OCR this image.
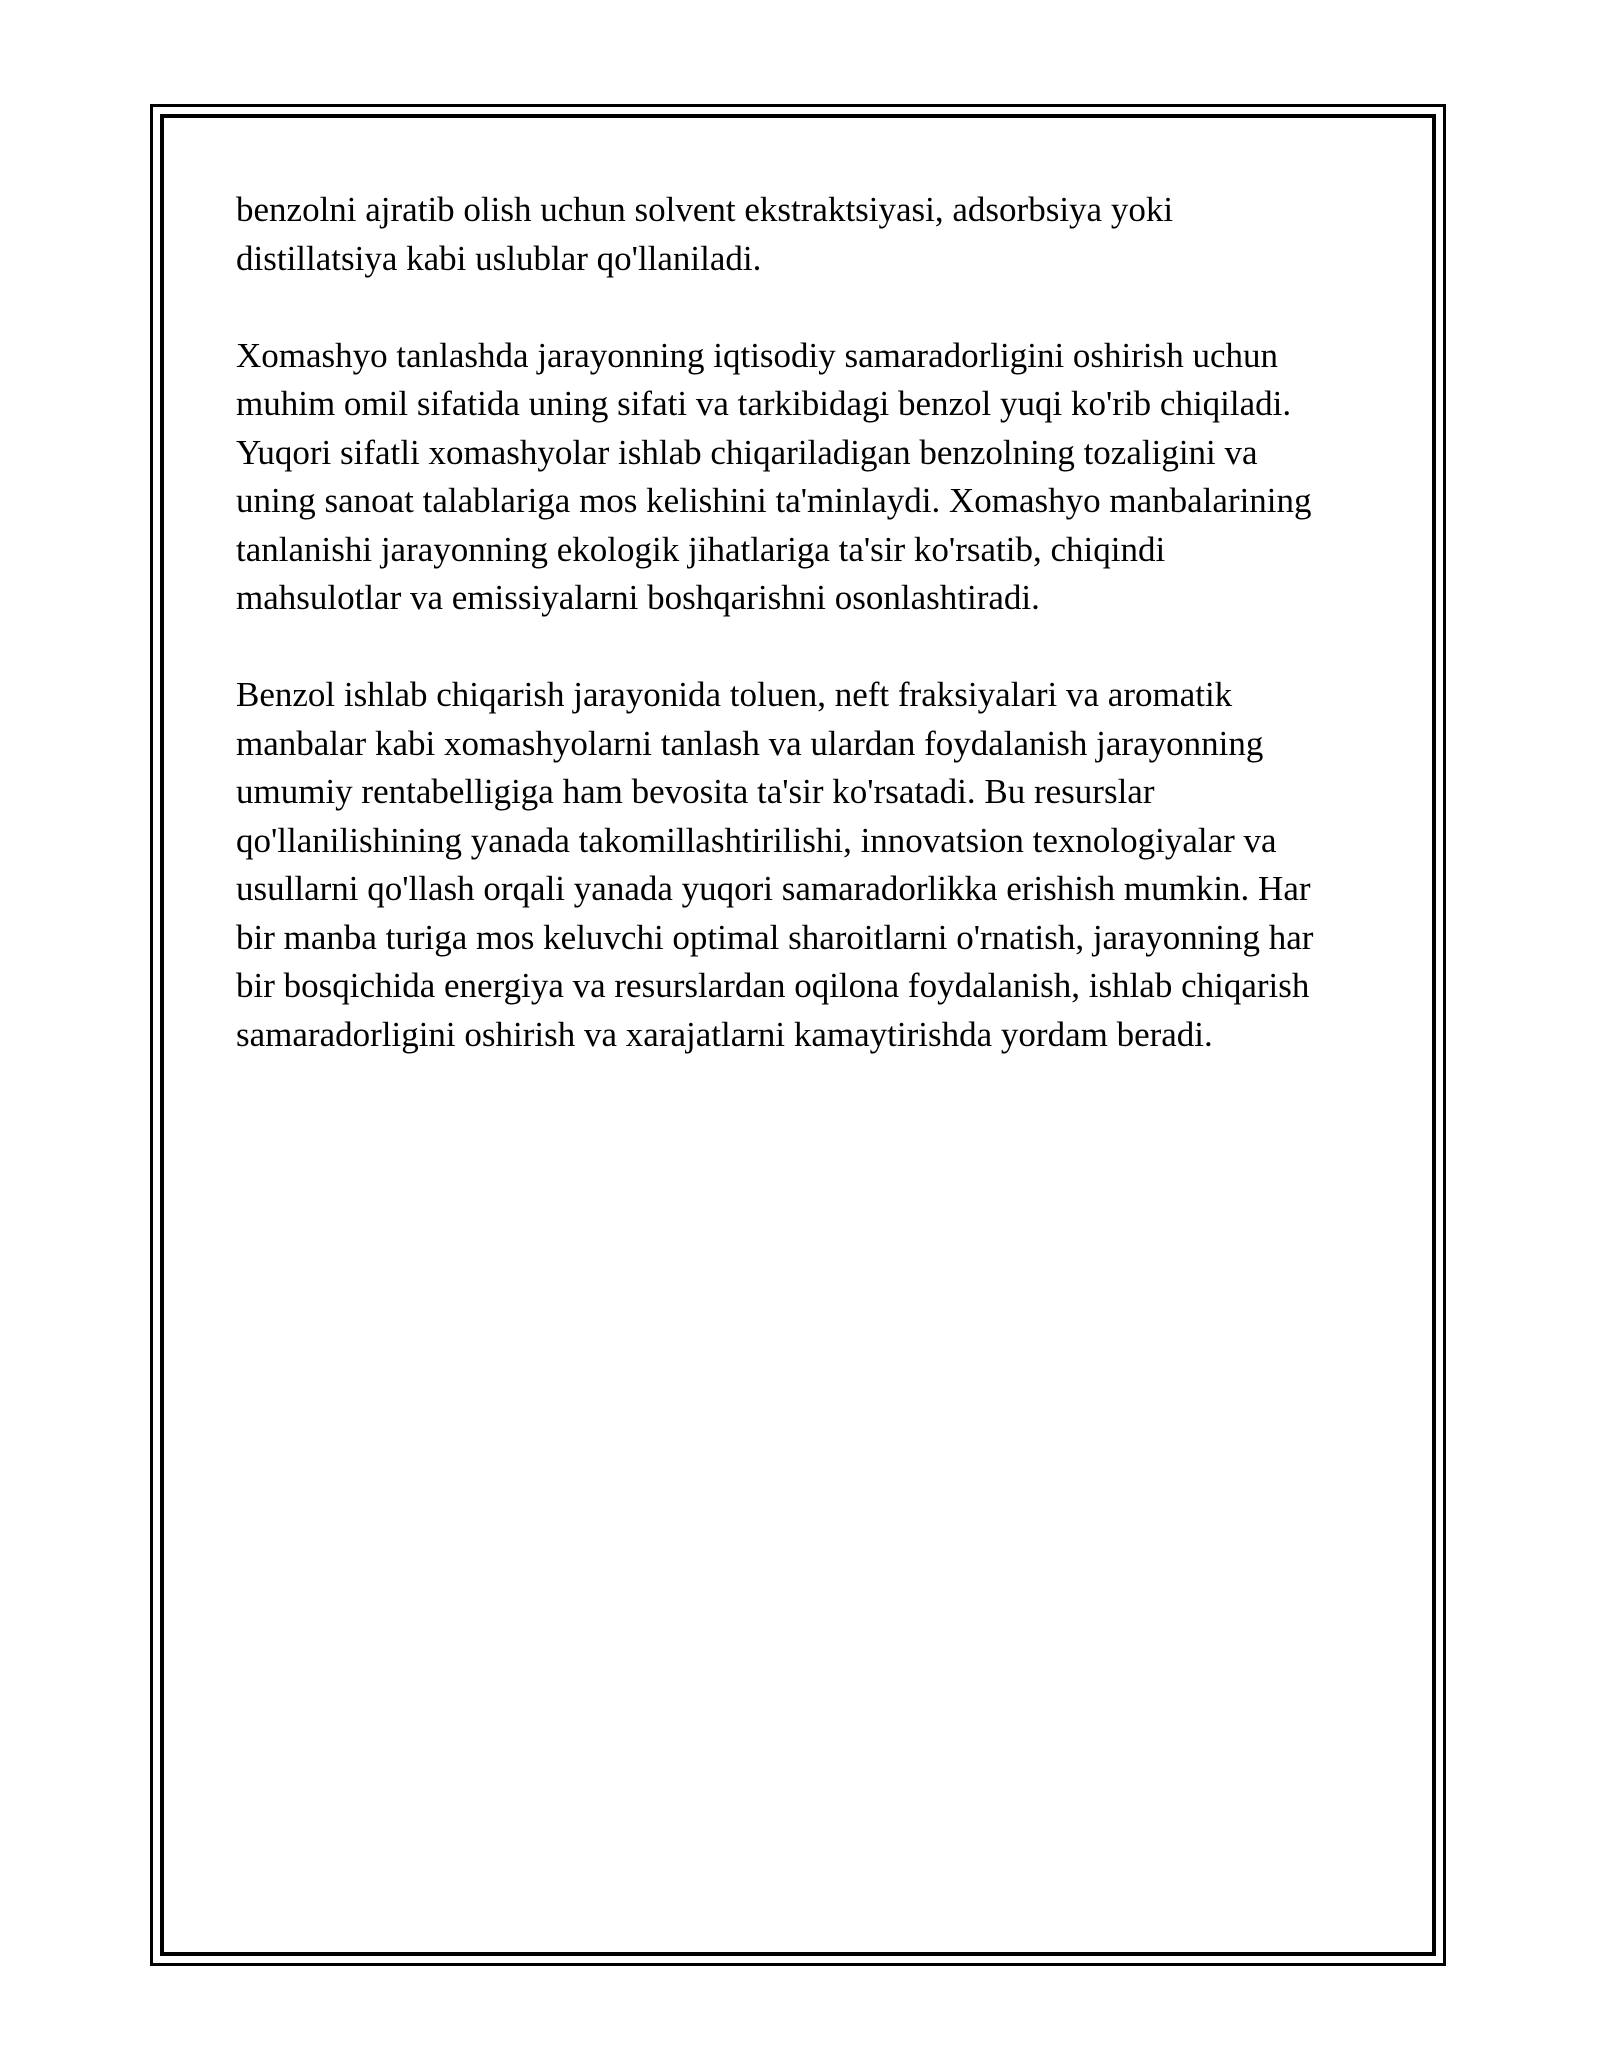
benzolni ajratib olish uchun solvent ekstraktsiyasi, adsorbsiya yoki
distillatsiya kabi uslublar qo'llaniladi.

Xomashyo tanlashda jarayonning iqtisodiy samaradorligini oshirish uchun
muhim omil sifatida uning sifati va tarkibidagi benzol yuqi ko'rib chiqiladi.
Yuqori sifatli xomashyolar ishlab chiqariladigan benzolning tozaligini va
uning sanoat talablariga mos kelishini ta'minlaydi. Xomashyo manbalarining
tanlanishi jarayonning ekologik jihatlariga ta'sir ko'rsatib, chiqindi
mahsulotlar va emissiyalarni boshqarishni osonlashtiradi.

Benzol ishlab chiqarish jarayonida toluen, neft fraksiyalari va aromatik
manbalar kabi xomashyolarni tanlash va ulardan foydalanish jarayonning
umumiy rentabelligiga ham bevosita ta'sir ko'rsatadi. Bu resurslar
qo'llanilishining yanada takomillashtirilishi, innovatsion texnologiyalar va
usullarni qo'llash orqali yanada yuqori samaradorlikka erishish mumkin. Har
bir manba turiga mos keluvchi optimal sharoitlarni o'rnatish, jarayonning har
bir bosqichida energiya va resurslardan oqilona foydalanish, ishlab chiqarish
samaradorligini oshirish va xarajatlarni kamaytirishda yordam beradi.
